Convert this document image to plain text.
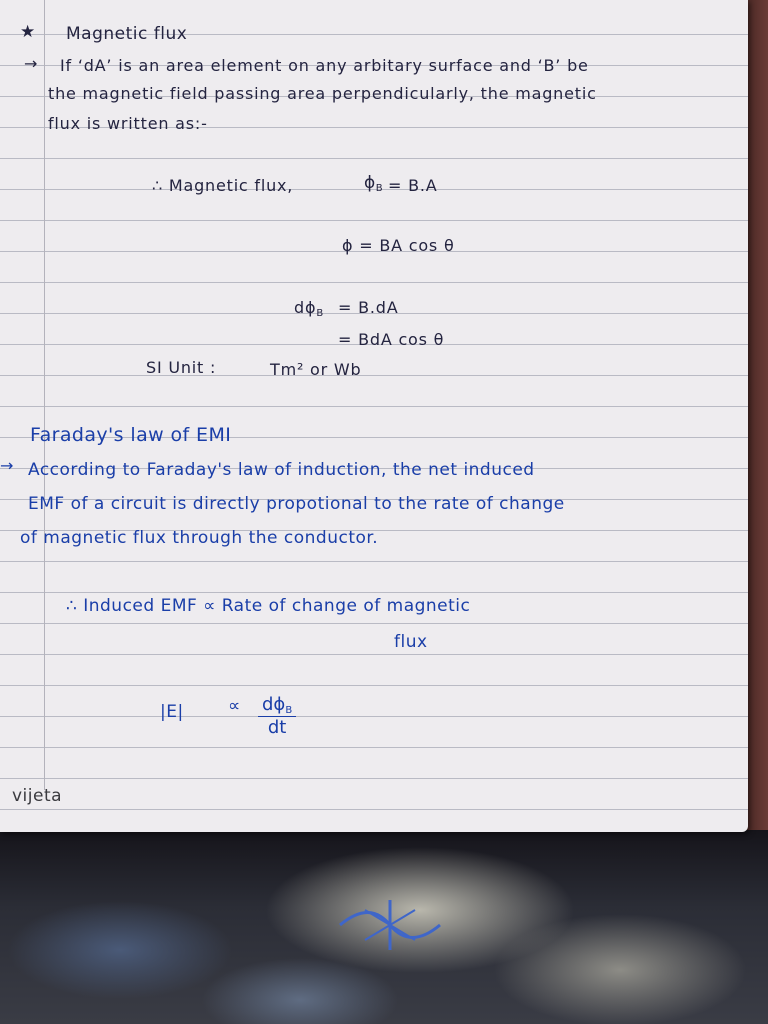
★ Magnetic flux
→ If ‘dA’ is an area element on any arbitary surface and ‘B’ be
the magnetic field passing area perpendicularly, the magnetic
flux is written as:-
∴ Magnetic flux,	$\phi_B = B.A$
ϕ = BA cos θ
$d\phi_B = B.dA$
= BdA cos θ
SI Unit :	Tm² or Wb
Faraday's law of EMI
→ According to Faraday's law of induction, the net induced
EMF of a circuit is directly propotional to the rate of change
of magnetic flux through the conductor.
∴ Induced EMF ∝ Rate of change of magnetic
flux
|E|	∝ $d\phi_B$
dt
vijeta
